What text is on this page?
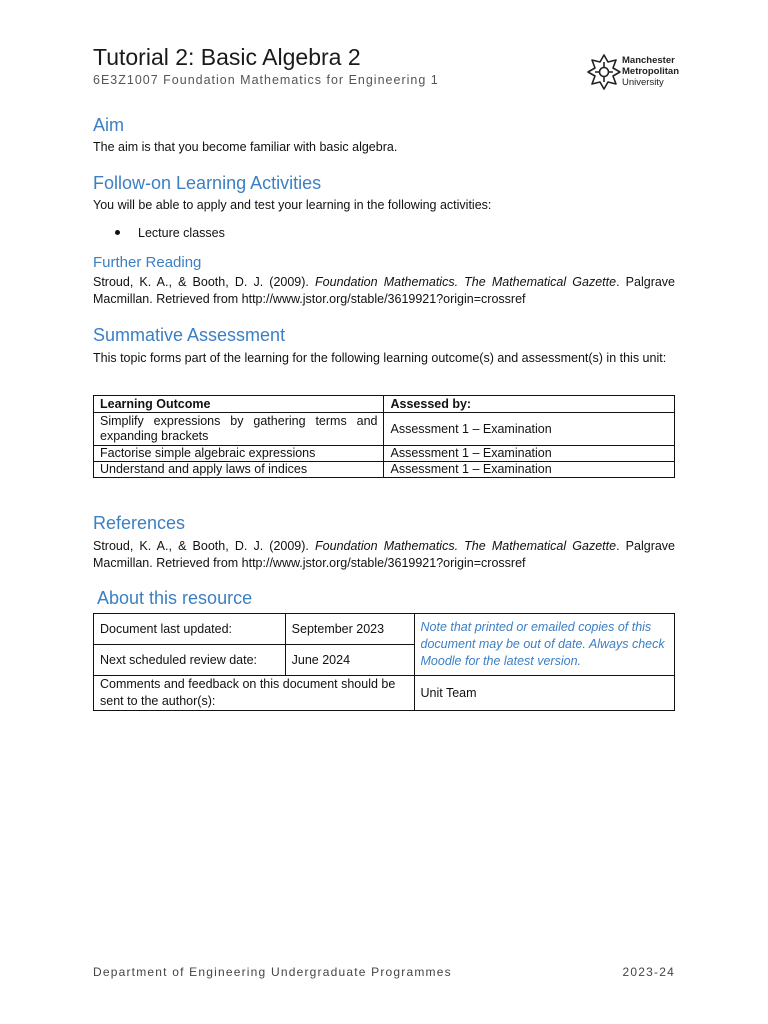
Tutorial 2: Basic Algebra 2
6E3Z1007 Foundation Mathematics for Engineering 1
Manchester
Metropolitan
University
Aim

The aim is that you become familiar with basic algebra.

Follow-on Learning Activities

You will be able to apply and test your learning in the following activities:

Lecture classes
Further Reading

Stroud, K. A., & Booth, D. J. (2009). Foundation Mathematics. The Mathematical Gazette. Palgrave Macmillan. Retrieved from http://www.jstor.org/stable/3619921?origin=crossref

Summative Assessment

This topic forms part of the learning for the following learning outcome(s) and assessment(s) in this unit:

Learning Outcome	Assessed by:
Simplify expressions by gathering terms and expanding brackets	Assessment 1 – Examination
Factorise simple algebraic expressions	Assessment 1 – Examination
Understand and apply laws of indices	Assessment 1 – Examination
References

Stroud, K. A., & Booth, D. J. (2009). Foundation Mathematics. The Mathematical Gazette. Palgrave Macmillan. Retrieved from http://www.jstor.org/stable/3619921?origin=crossref

About this resource
Document last updated:	September 2023	Note that printed or emailed copies of this document may be out of date. Always check Moodle for the latest version.
Next scheduled review date:	June 2024	
Comments and feedback on this document should be sent to the author(s):		Unit Team
Department of Engineering Undergraduate Programmes	2023-24
